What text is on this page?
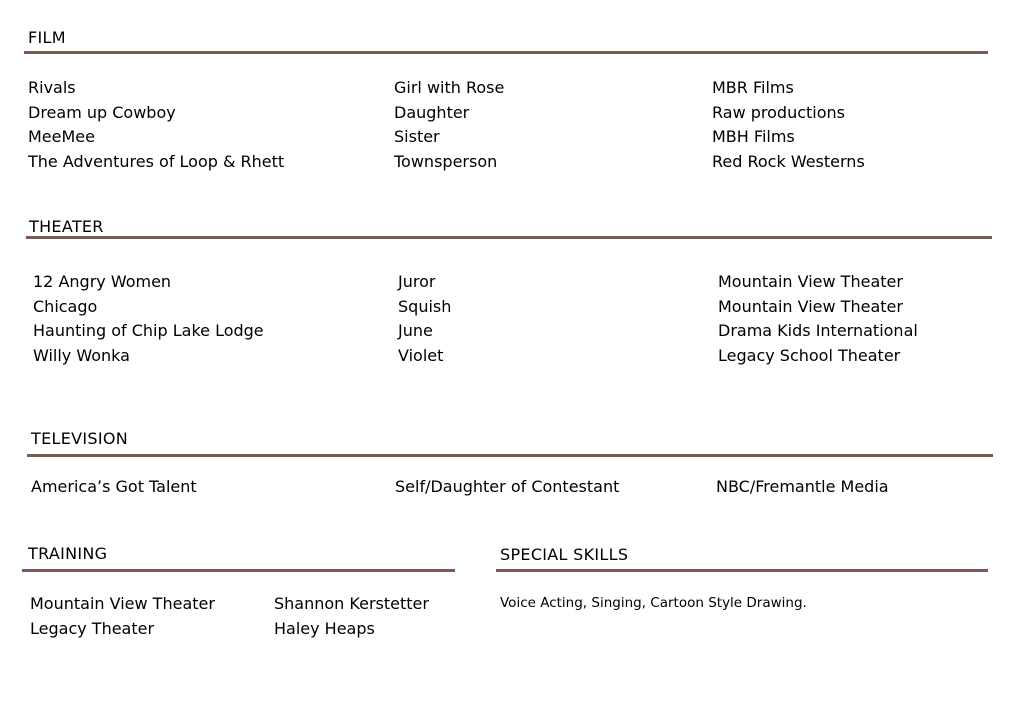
FILM
Rivals
Dream up Cowboy
MeeMee
The Adventures of Loop & Rhett
Girl with Rose
Daughter
Sister
Townsperson
MBR Films
Raw productions
MBH Films
Red Rock Westerns
THEATER
12 Angry Women
Chicago
Haunting of Chip Lake Lodge
Willy Wonka
Juror
Squish
June
Violet
Mountain View Theater
Mountain View Theater
Drama Kids International
Legacy School Theater
TELEVISION
America’s Got Talent	Self/Daughter of Contestant	NBC/Fremantle Media
TRAINING
Mountain View Theater
Legacy Theater
Shannon Kerstetter
Haley Heaps
SPECIAL SKILLS
Voice Acting, Singing, Cartoon Style Drawing.
